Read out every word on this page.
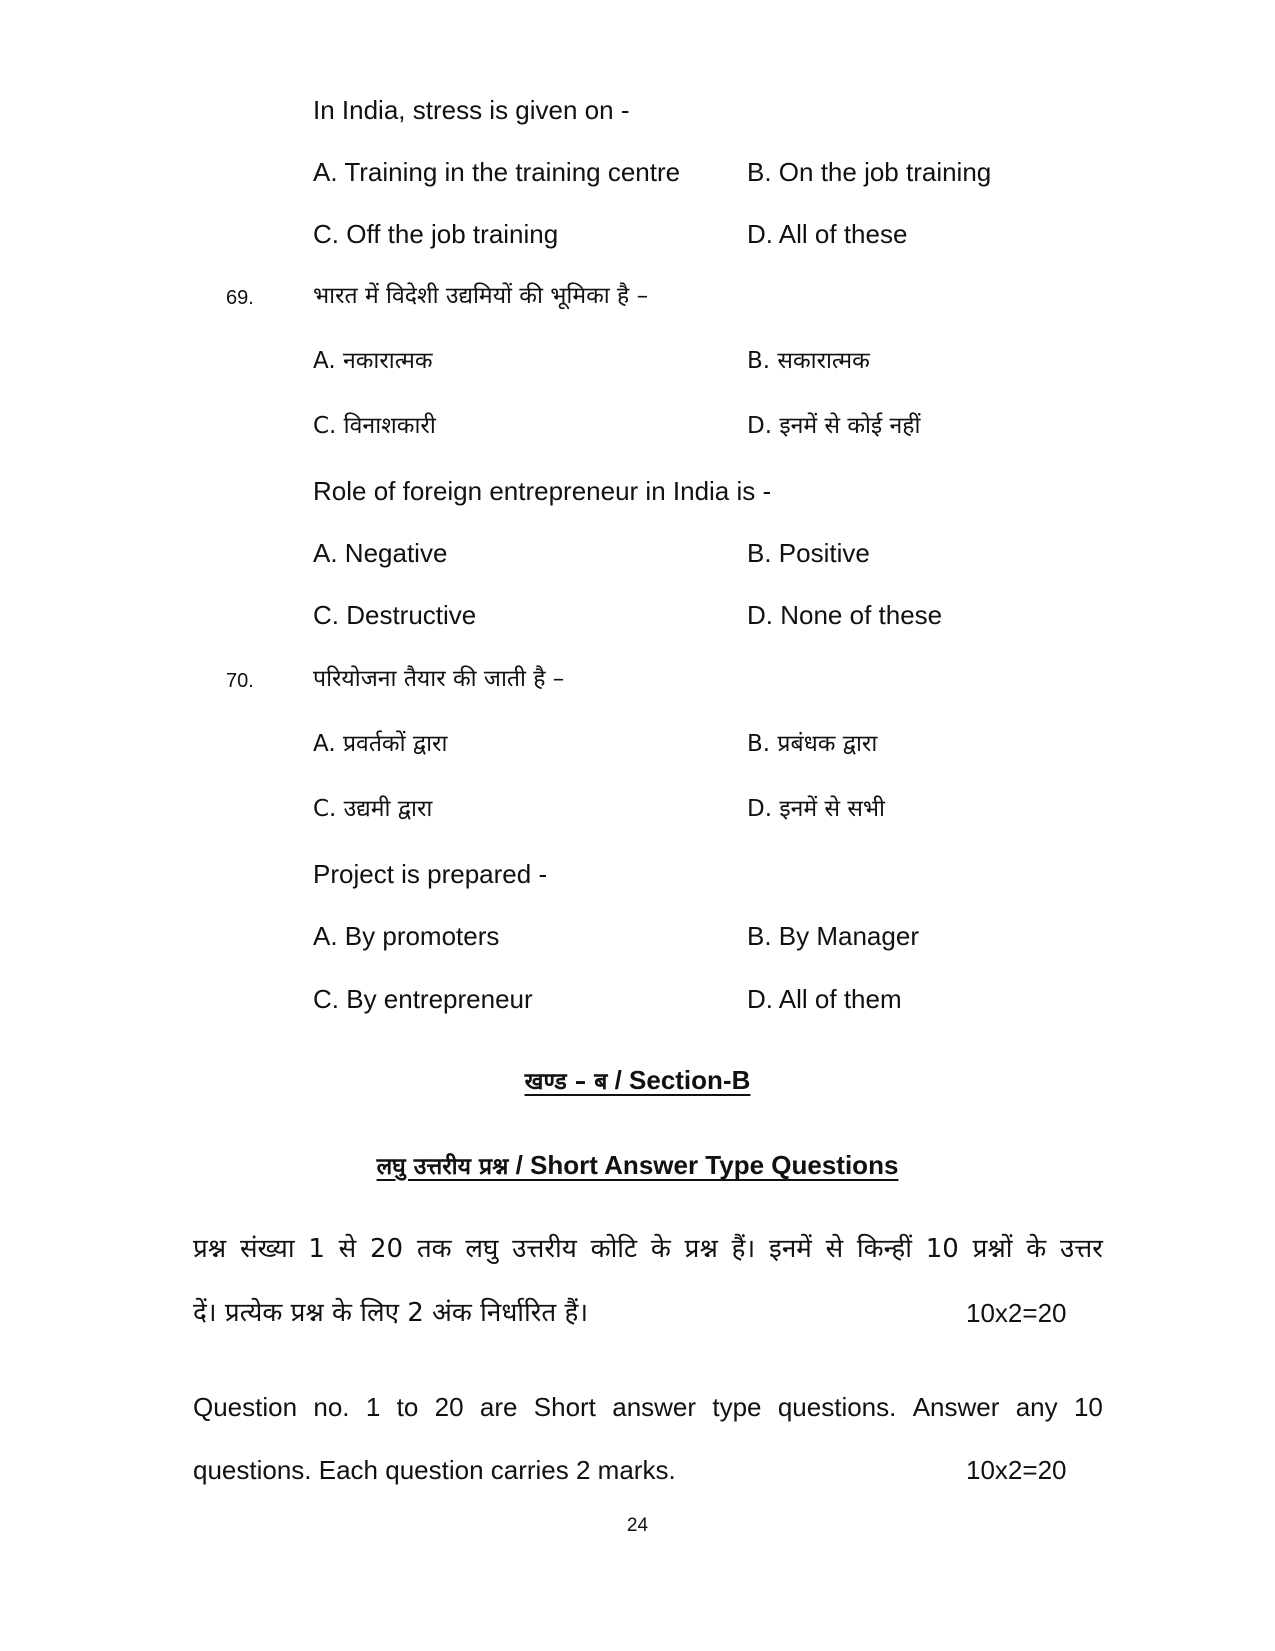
In India, stress is given on -
A. Training in the training centre	B. On the job training
C. Off the job training	D. All of these
69.	भारत में विदेशी उद्यमियों की भूमिका है –
A. नकारात्मक	B. सकारात्मक
C. विनाशकारी	D. इनमें से कोई नहीं
Role of foreign entrepreneur in India is -
A. Negative	B. Positive
C. Destructive	D. None of these
70.	परियोजना तैयार की जाती है –
A. प्रवर्तकों द्वारा	B. प्रबंधक द्वारा
C. उद्यमी द्वारा	D. इनमें से सभी
Project is prepared -
A. By promoters	B. By Manager
C. By entrepreneur	D. All of them
खण्ड – ब / Section-B
लघु उत्तरीय प्रश्न / Short Answer Type Questions
प्रश्न संख्या 1 से 20 तक लघु उत्तरीय कोटि के प्रश्न हैं। इनमें से किन्हीं 10 प्रश्नों के उत्तर
दें। प्रत्येक प्रश्न के लिए 2 अंक निर्धारित हैं।	10x2=20
Question no. 1 to 20 are Short answer type questions. Answer any 10
questions. Each question carries 2 marks.	10x2=20
24
